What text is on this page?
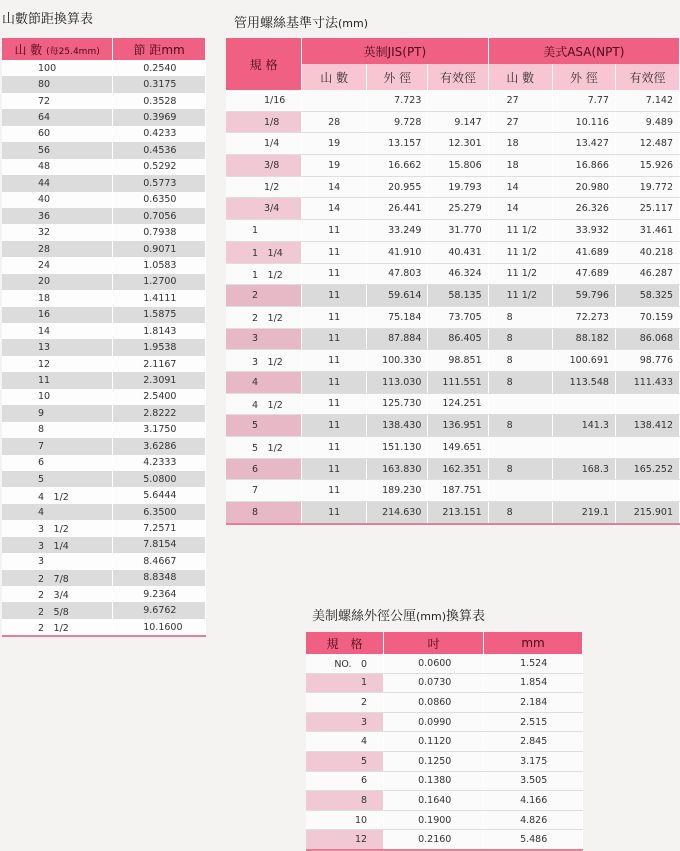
山數節距換算表
山 數 (每25.4mm)	節 距mm
100	0.2540
80	0.3175
72	0.3528
64	0.3969
60	0.4233
56	0.4536
48	0.5292
44	0.5773
40	0.6350
36	0.7056
32	0.7938
28	0.9071
24	1.0583
20	1.2700
18	1.4111
16	1.5875
14	1.8143
13	1.9538
12	2.1167
11	2.3091
10	2.5400
9	2.8222
8	3.1750
7	3.6286
6	4.2333
5	5.0800
4　1/2	5.6444
4	6.3500
3　1/2	7.2571
3　1/4	7.8154
3	8.4667
2　7/8	8.8348
2　3/4	9.2364
2　5/8	9.6762
2　1/2	10.1600
管用螺絲基準寸法(mm)
規 格	英制JIS(PT)			美式ASA(NPT)		
	山 數	外 徑	有效徑	山 數	外 徑	有效徑
1/16		7.723		27	7.77	7.142
1/8	28	9.728	9.147	27	10.116	9.489
1/4	19	13.157	12.301	18	13.427	12.487
3/8	19	16.662	15.806	18	16.866	15.926
1/2	14	20.955	19.793	14	20.980	19.772
3/4	14	26.441	25.279	14	26.326	25.117
1	11	33.249	31.770	11 1/2	33.932	31.461
1　1/4	11	41.910	40.431	11 1/2	41.689	40.218
1　1/2	11	47.803	46.324	11 1/2	47.689	46.287
2	11	59.614	58.135	11 1/2	59.796	58.325
2　1/2	11	75.184	73.705	8	72.273	70.159
3	11	87.884	86.405	8	88.182	86.068
3　1/2	11	100.330	98.851	8	100.691	98.776
4	11	113.030	111.551	8	113.548	111.433
4　1/2	11	125.730	124.251			
5	11	138.430	136.951	8	141.3	138.412
5　1/2	11	151.130	149.651			
6	11	163.830	162.351	8	168.3	165.252
7	11	189.230	187.751			
8	11	214.630	213.151	8	219.1	215.901
美制螺絲外徑公厘(mm)換算表
規　格	吋	mm
NO.　0	0.0600	1.524
1	0.0730	1.854
2	0.0860	2.184
3	0.0990	2.515
4	0.1120	2.845
5	0.1250	3.175
6	0.1380	3.505
8	0.1640	4.166
10	0.1900	4.826
12	0.2160	5.486
